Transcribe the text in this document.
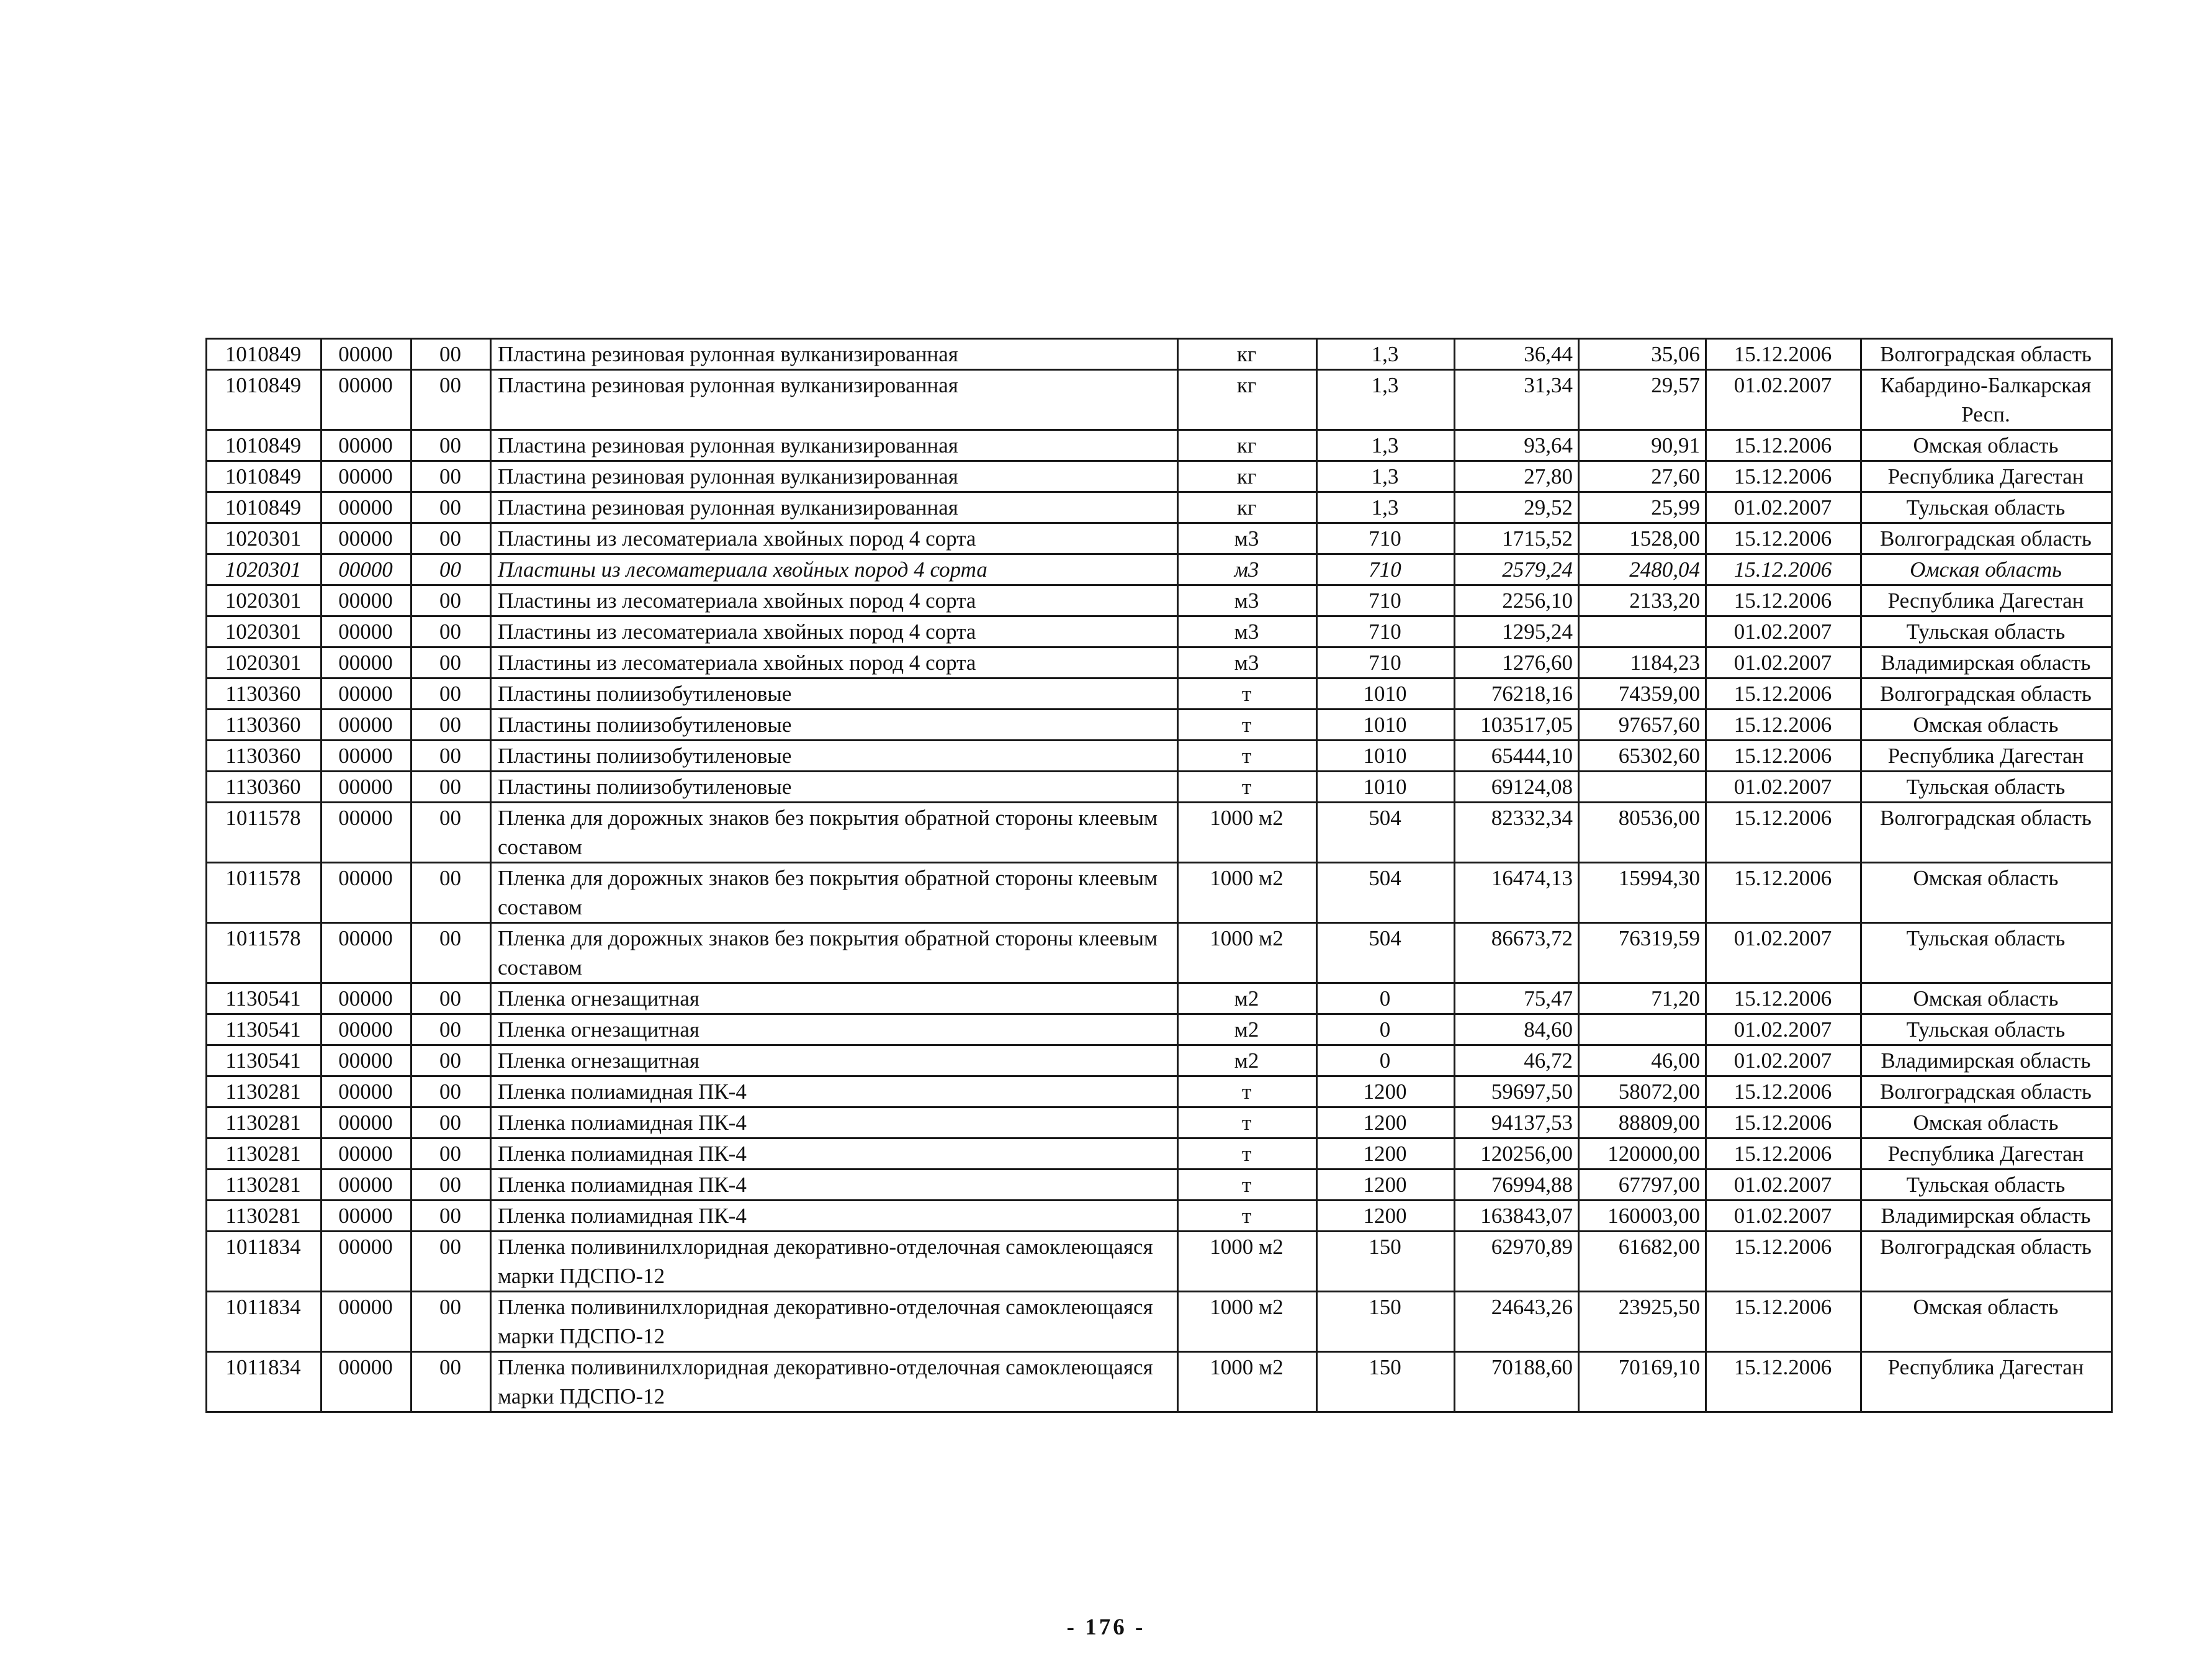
1010849	00000	00	Пластина резиновая рулонная вулканизированная	кг	1,3	36,44	35,06	15.12.2006	Волгоградская область
1010849	00000	00	Пластина резиновая рулонная вулканизированная	кг	1,3	31,34	29,57	01.02.2007	Кабардино-Балкарская Респ.
1010849	00000	00	Пластина резиновая рулонная вулканизированная	кг	1,3	93,64	90,91	15.12.2006	Омская область
1010849	00000	00	Пластина резиновая рулонная вулканизированная	кг	1,3	27,80	27,60	15.12.2006	Республика Дагестан
1010849	00000	00	Пластина резиновая рулонная вулканизированная	кг	1,3	29,52	25,99	01.02.2007	Тульская область
1020301	00000	00	Пластины из лесоматериала хвойных пород 4 сорта	м3	710	1715,52	1528,00	15.12.2006	Волгоградская область
1020301	00000	00	Пластины из лесоматериала хвойных пород 4 сорта	м3	710	2579,24	2480,04	15.12.2006	Омская область
1020301	00000	00	Пластины из лесоматериала хвойных пород 4 сорта	м3	710	2256,10	2133,20	15.12.2006	Республика Дагестан
1020301	00000	00	Пластины из лесоматериала хвойных пород 4 сорта	м3	710	1295,24		01.02.2007	Тульская область
1020301	00000	00	Пластины из лесоматериала хвойных пород 4 сорта	м3	710	1276,60	1184,23	01.02.2007	Владимирская область
1130360	00000	00	Пластины полиизобутиленовые	т	1010	76218,16	74359,00	15.12.2006	Волгоградская область
1130360	00000	00	Пластины полиизобутиленовые	т	1010	103517,05	97657,60	15.12.2006	Омская область
1130360	00000	00	Пластины полиизобутиленовые	т	1010	65444,10	65302,60	15.12.2006	Республика Дагестан
1130360	00000	00	Пластины полиизобутиленовые	т	1010	69124,08		01.02.2007	Тульская область
1011578	00000	00	Пленка для дорожных знаков без покрытия обратной стороны клеевым составом	1000 м2	504	82332,34	80536,00	15.12.2006	Волгоградская область
1011578	00000	00	Пленка для дорожных знаков без покрытия обратной стороны клеевым составом	1000 м2	504	16474,13	15994,30	15.12.2006	Омская область
1011578	00000	00	Пленка для дорожных знаков без покрытия обратной стороны клеевым составом	1000 м2	504	86673,72	76319,59	01.02.2007	Тульская область
1130541	00000	00	Пленка огнезащитная	м2	0	75,47	71,20	15.12.2006	Омская область
1130541	00000	00	Пленка огнезащитная	м2	0	84,60		01.02.2007	Тульская область
1130541	00000	00	Пленка огнезащитная	м2	0	46,72	46,00	01.02.2007	Владимирская область
1130281	00000	00	Пленка полиамидная ПК-4	т	1200	59697,50	58072,00	15.12.2006	Волгоградская область
1130281	00000	00	Пленка полиамидная ПК-4	т	1200	94137,53	88809,00	15.12.2006	Омская область
1130281	00000	00	Пленка полиамидная ПК-4	т	1200	120256,00	120000,00	15.12.2006	Республика Дагестан
1130281	00000	00	Пленка полиамидная ПК-4	т	1200	76994,88	67797,00	01.02.2007	Тульская область
1130281	00000	00	Пленка полиамидная ПК-4	т	1200	163843,07	160003,00	01.02.2007	Владимирская область
1011834	00000	00	Пленка поливинилхлоридная декоративно-отделочная самоклеющаяся марки ПДСПО-12	1000 м2	150	62970,89	61682,00	15.12.2006	Волгоградская область
1011834	00000	00	Пленка поливинилхлоридная декоративно-отделочная самоклеющаяся марки ПДСПО-12	1000 м2	150	24643,26	23925,50	15.12.2006	Омская область
1011834	00000	00	Пленка поливинилхлоридная декоративно-отделочная самоклеющаяся марки ПДСПО-12	1000 м2	150	70188,60	70169,10	15.12.2006	Республика Дагестан
- 176 -
